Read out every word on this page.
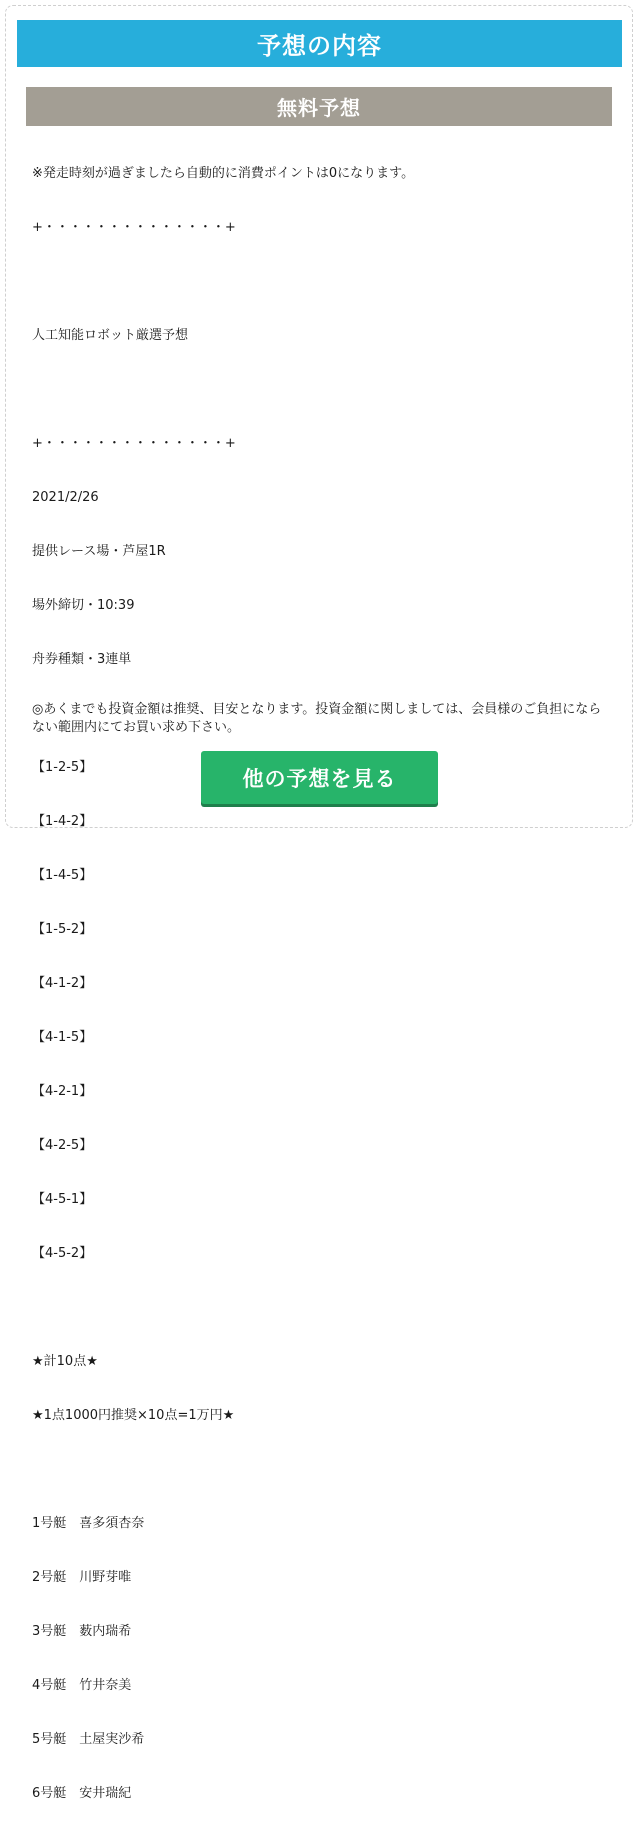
予想の内容
無料予想

※発走時刻が過ぎましたら自動的に消費ポイントは0になります。

+・・・・・・・・・・・・・・+

人工知能ロボット厳選予想

+・・・・・・・・・・・・・・+

2021/2/26

提供レース場・芦屋1R

場外締切・10:39

舟券種類・3連単

【1-2-5】

【1-4-2】

【1-4-5】

【1-5-2】

【4-1-2】

【4-1-5】

【4-2-1】

【4-2-5】

【4-5-1】

【4-5-2】

★計10点★

★1点1000円推奨×10点=1万円★

1号艇　喜多須杏奈

2号艇　川野芽唯

3号艇　薮内瑞希

4号艇　竹井奈美

5号艇　土屋実沙希

6号艇　安井瑞紀

◎あくまでも投資金額は推奨、目安となります。投資金額に関しましては、会員様のご負担にならない範囲内にてお買い求め下さい。
他の予想を見る
